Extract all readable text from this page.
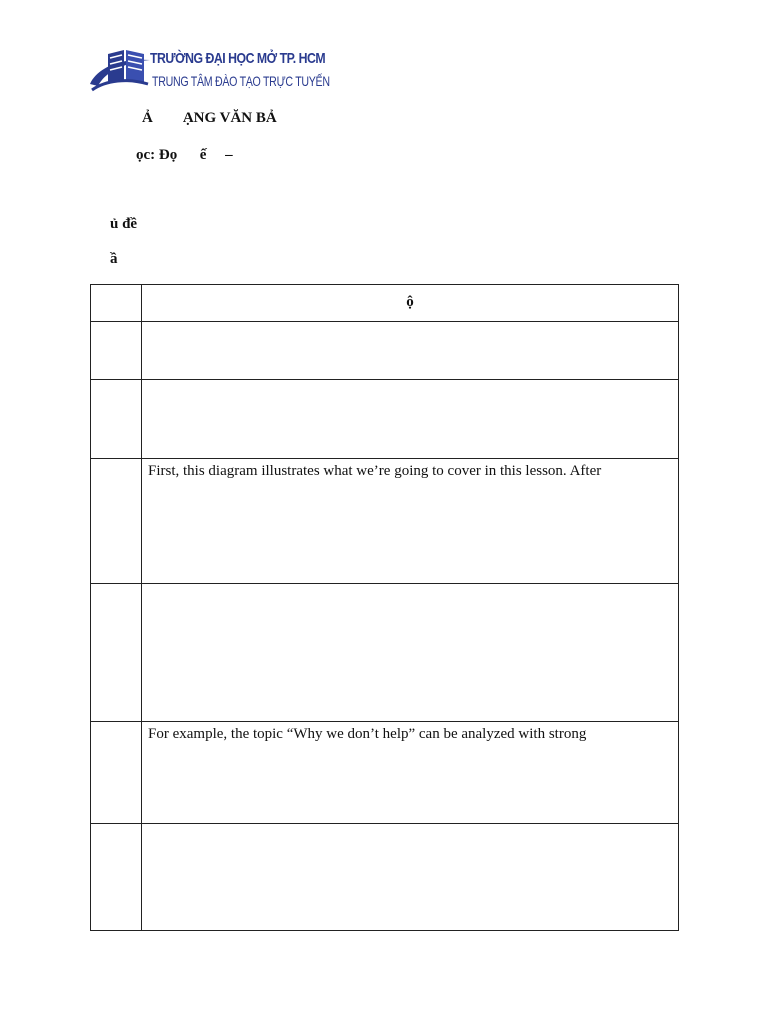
TRƯỜNG ĐẠI HỌC MỞ TP. HCM
TRUNG TÂM ĐÀO TẠO TRỰC TUYẾN
Ả        ẠNG VĂN BẢ
ọc: Đọ      ế     –
ủ đề
ầ
	ộ

	First, this diagram illustrates what we’re going to cover in this lesson. After

	For example, the topic “Why we don’t help” can be analyzed with strong
